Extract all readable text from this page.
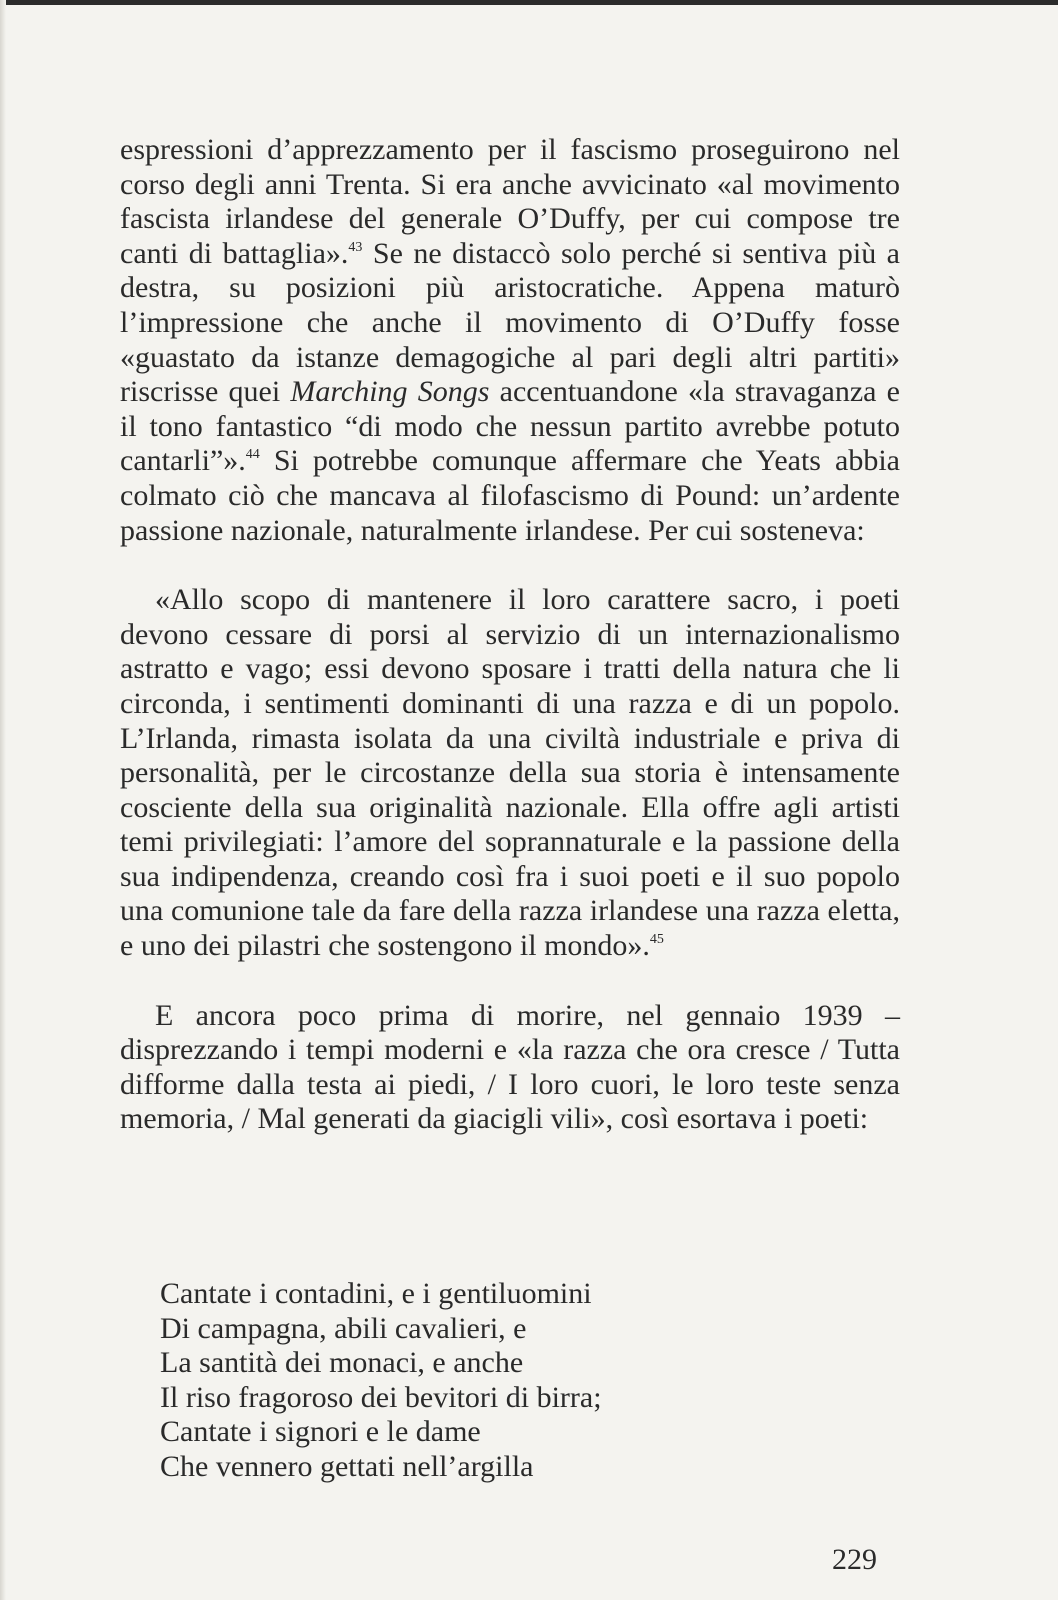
espressioni d’apprezzamento per il fascismo proseguirono nel corso degli anni Trenta. Si era anche avvicinato «al movimento fascista irlandese del generale O’Duffy, per cui compose tre canti di battaglia».$^{43}$ Se ne distaccò solo perché si sentiva più a destra, su posizioni più aristocratiche. Appena maturò l’impressione che anche il movimento di O’Duffy fosse «guastato da istanze demagogiche al pari degli altri partiti» riscrisse quei Marching Songs accentuandone «la stravaganza e il tono fantastico “di modo che nessun partito avrebbe potuto cantarli”».$^{44}$ Si potrebbe comunque affermare che Yeats abbia colmato ciò che mancava al filofascismo di Pound: un’ardente passione nazionale, naturalmente irlandese. Per cui sosteneva:

«Allo scopo di mantenere il loro carattere sacro, i poeti devono cessare di porsi al servizio di un internazionalismo astratto e vago; essi devono sposare i tratti della natura che li circonda, i sentimenti dominanti di una razza e di un popolo. L’Irlanda, rimasta isolata da una civiltà industriale e priva di personalità, per le circostanze della sua storia è intensamente cosciente della sua originalità nazionale. Ella offre agli artisti temi privilegiati: l’amore del soprannaturale e la passione della sua indipendenza, creando così fra i suoi poeti e il suo popolo una comunione tale da fare della razza irlandese una razza eletta, e uno dei pilastri che sostengono il mondo».$^{45}$

E ancora poco prima di morire, nel gennaio 1939 – disprezzando i tempi moderni e «la razza che ora cresce / Tutta difforme dalla testa ai piedi, / I loro cuori, le loro teste senza memoria, / Mal generati da giacigli vili», così esortava i poeti:

Cantate i contadini, e i gentiluomini
Di campagna, abili cavalieri, e
La santità dei monaci, e anche
Il riso fragoroso dei bevitori di birra;
Cantate i signori e le dame
Che vennero gettati nell’argilla
229
